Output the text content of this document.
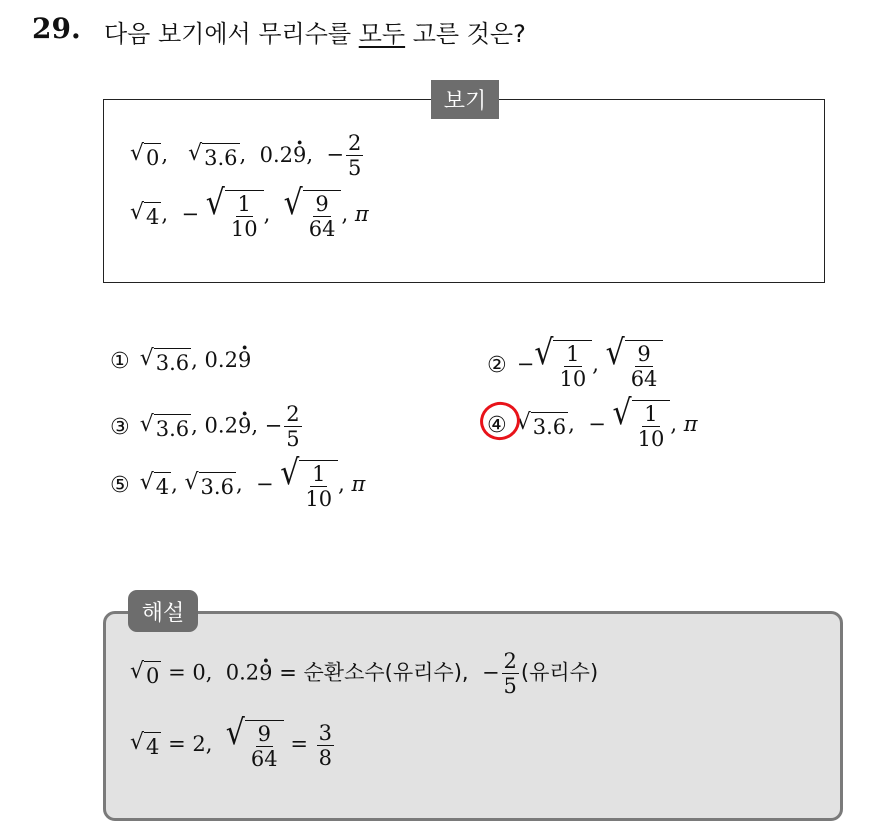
29. 다음 보기에서 무리수를 모두 고른 것은?
보기
√ 0 , √ 3.6 ,  0.2· 9,  − $\frac{2}{5}$
√ 4 ,  − √ $\frac{1}{10}$ , √ $\frac{9}{64}$ , π
① √ 3.6 , 0.2· 9
③ √ 3.6 , 0.2· 9, − $\frac{2}{5}$
⑤ √ 4 , √ 3.6 ,  − √ $\frac{1}{10}$ , π
② − √ $\frac{1}{10}$ , √ $\frac{9}{64}$
④ √ 3.6 ,  − √ $\frac{1}{10}$ , π
해설
√ 0 = 0, 0.2· 9 = 순환소수(유리수), − $\frac{2}{5}$ (유리수)
√ 4 = 2, √ $\frac{9}{64} = \frac{3}{8}$
